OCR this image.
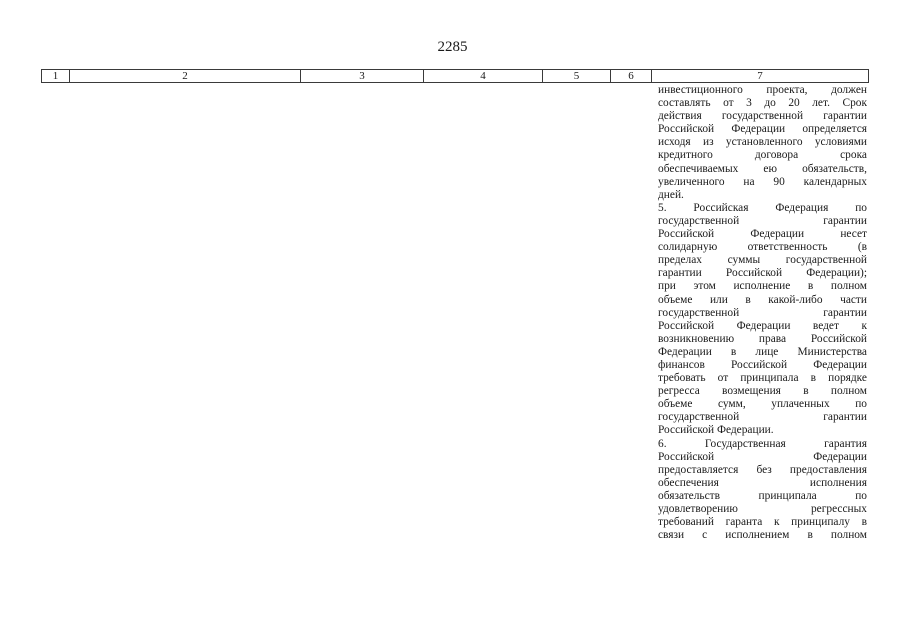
2285
1	2	3	4	5	6	7
инвестиционного проекта, должен
составлять от 3 до 20 лет. Срок
действия государственной гарантии
Российской Федерации определяется
исходя из установленного условиями
кредитного договора срока
обеспечиваемых ею обязательств,
увеличенного на 90 календарных
дней.
5. Российская Федерация по
государственной гарантии
Российской Федерации несет
солидарную ответственность (в
пределах суммы государственной
гарантии Российской Федерации);
при этом исполнение в полном
объеме или в какой-либо части
государственной гарантии
Российской Федерации ведет к
возникновению права Российской
Федерации в лице Министерства
финансов Российской Федерации
требовать от принципала в порядке
регресса возмещения в полном
объеме сумм, уплаченных по
государственной гарантии
Российской Федерации.
6. Государственная гарантия
Российской Федерации
предоставляется без предоставления
обеспечения исполнения
обязательств принципала по
удовлетворению регрессных
требований гаранта к принципалу в
связи с исполнением в полном
